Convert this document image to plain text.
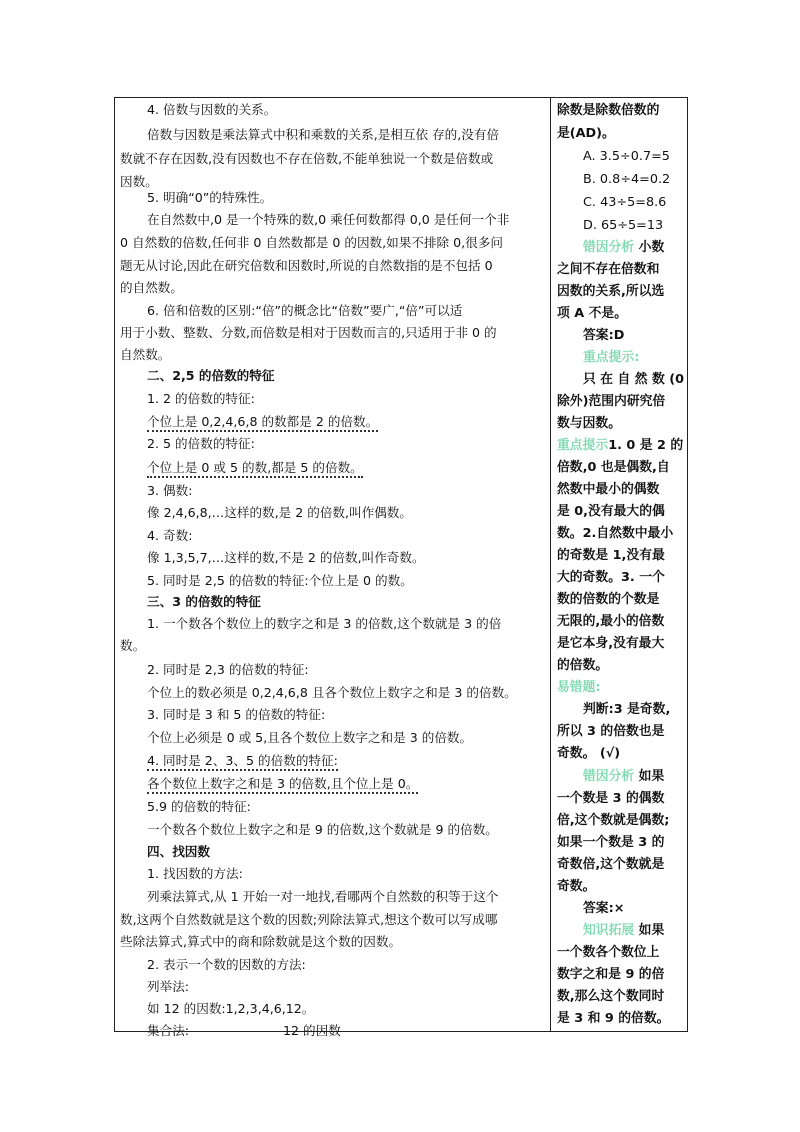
4. 倍数与因数的关系。
倍数与因数是乘法算式中积和乘数的关系,是相互依 存的,没有倍
数就不存在因数,没有因数也不存在倍数,不能单独说一个数是倍数或
因数。
5. 明确“0”的特殊性。
在自然数中,0 是一个特殊的数,0 乘任何数都得 0,0 是任何一个非
0 自然数的倍数,任何非 0 自然数都是 0 的因数,如果不排除 0,很多问
题无从讨论,因此在研究倍数和因数时,所说的自然数指的是不包括 0
的自然数。
6. 倍和倍数的区别:“倍”的概念比“倍数”要广,“倍”可以适
用于小数、整数、分数,而倍数是相对于因数而言的,只适用于非 0 的
自然数。
二、2,5 的倍数的特征
1. 2 的倍数的特征:
个位上是 0,2,4,6,8 的数都是 2 的倍数。
2. 5 的倍数的特征:
个位上是 0 或 5 的数,都是 5 的倍数。
3. 偶数:
像 2,4,6,8,…这样的数,是 2 的倍数,叫作偶数。
4. 奇数:
像 1,3,5,7,…这样的数,不是 2 的倍数,叫作奇数。
5. 同时是 2,5 的倍数的特征:个位上是 0 的数。
三、3 的倍数的特征
1. 一个数各个数位上的数字之和是 3 的倍数,这个数就是 3 的倍
数。
2. 同时是 2,3 的倍数的特征:
个位上的数必须是 0,2,4,6,8 且各个数位上数字之和是 3 的倍数。
3. 同时是 3 和 5 的倍数的特征:
个位上必须是 0 或 5,且各个数位上数字之和是 3 的倍数。
4. 同时是 2、3、5 的倍数的特征:
各个数位上数字之和是 3 的倍数,且个位上是 0。
5.9 的倍数的特征:
一个数各个数位上数字之和是 9 的倍数,这个数就是 9 的倍数。
四、找因数
1. 找因数的方法:
列乘法算式,从 1 开始一对一地找,看哪两个自然数的积等于这个
数,这两个自然数就是这个数的因数;列除法算式,想这个数可以写成哪
些除法算式,算式中的商和除数就是这个数的因数。
2. 表示一个数的因数的方法:
列举法:
如 12 的因数:1,2,3,4,6,12。
集合法:	12 的因数
除数是除数倍数的
是(AD)。
A. 3.5÷0.7=5
B. 0.8÷4=0.2
C. 43÷5=8.6
D. 65÷5=13
错因分析 小数
之间不存在倍数和
因数的关系,所以选
项 A 不是。
答案:D
重点提示:
只 在 自 然 数 (0
除外)范围内研究倍
数与因数。
重点提示1. 0 是 2 的
倍数,0 也是偶数,自
然数中最小的偶数
是 0,没有最大的偶
数。2.自然数中最小
的奇数是 1,没有最
大的奇数。3. 一个
数的倍数的个数是
无限的,最小的倍数
是它本身,没有最大
的倍数。
易错题:
判断:3 是奇数,
所以 3 的倍数也是
奇数。 (√)
错因分析 如果
一个数是 3 的偶数
倍,这个数就是偶数;
如果一个数是 3 的
奇数倍,这个数就是
奇数。
答案:×
知识拓展 如果
一个数各个数位上
数字之和是 9 的倍
数,那么这个数同时
是 3 和 9 的倍数。
